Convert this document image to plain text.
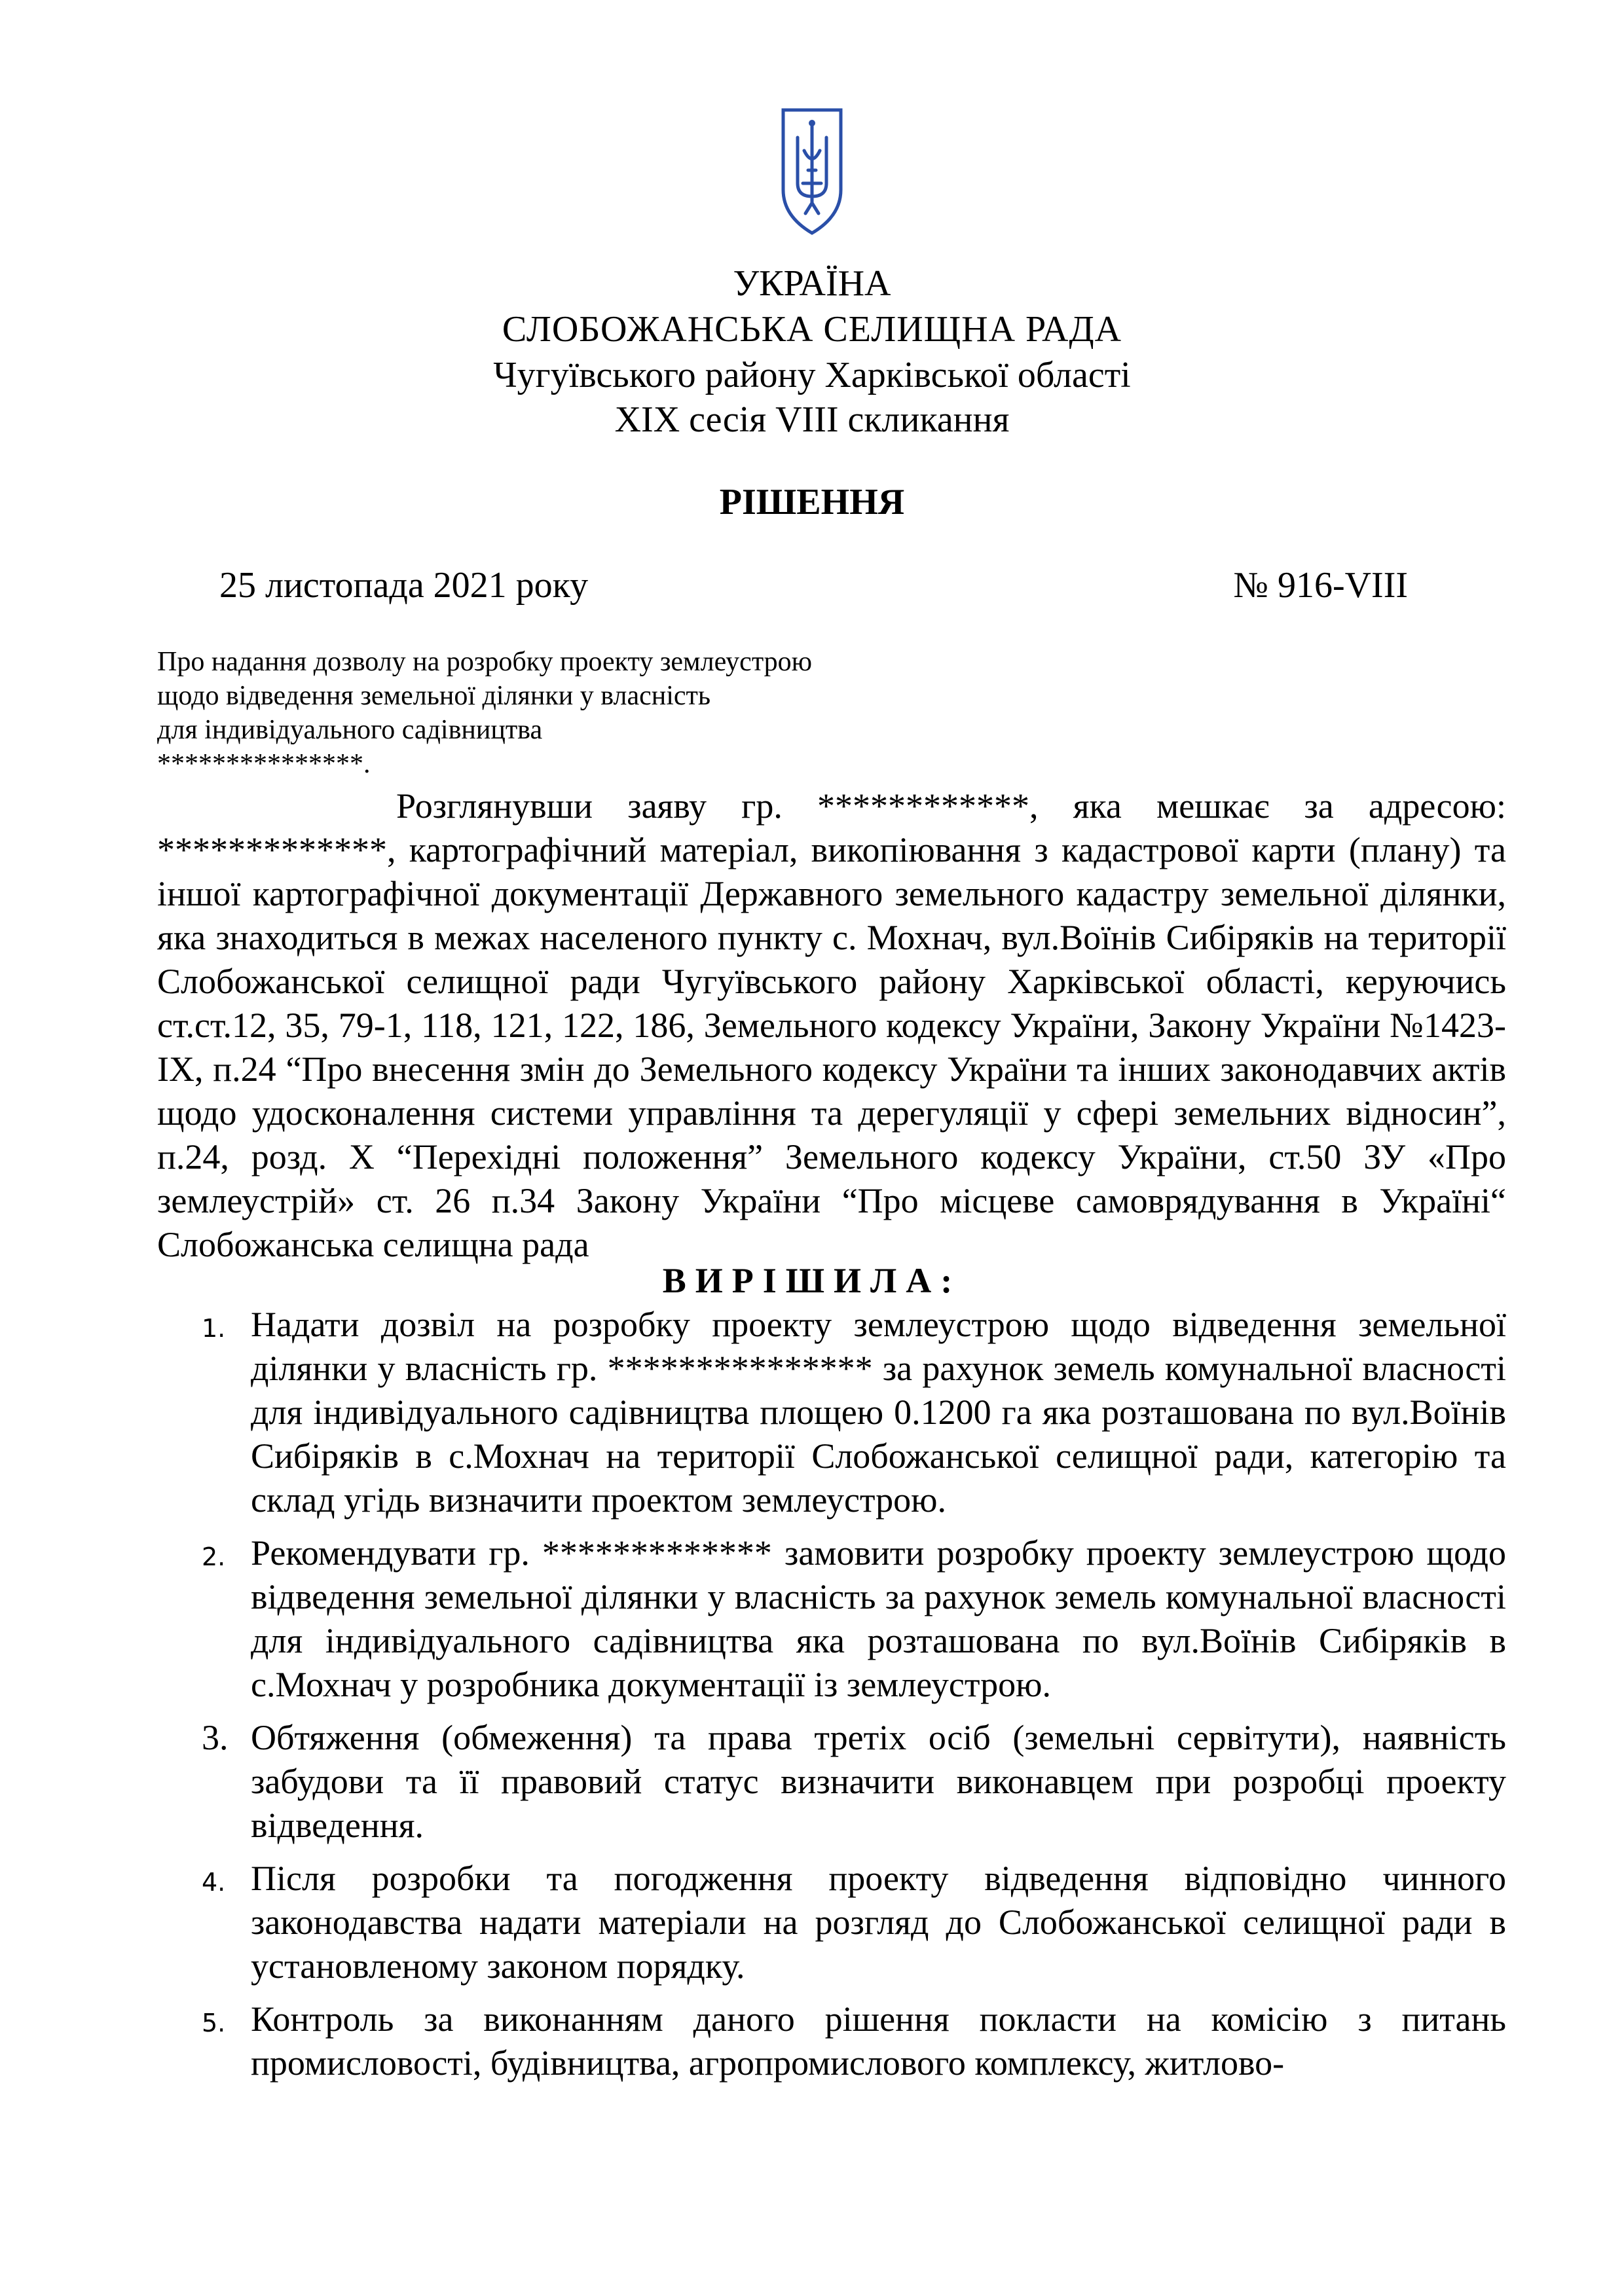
УКРАЇНА
СЛОБОЖАНСЬКА СЕЛИЩНА РАДА
Чугуївського району Харківської області
XIX сесія VIII скликання
РІШЕННЯ
25 листопада 2021 року	№ 916-VIII
Про надання дозволу на розробку проекту землеустрою
щодо відведення земельної ділянки у власність
для індивідуального садівництва
***************.
Розглянувши заяву гр. ************, яка мешкає за адресою: *************, картографічний матеріал, викопіювання з кадастрової карти (плану) та іншої картографічної документації Державного земельного кадастру земельної ділянки, яка знаходиться в межах населеного пункту с. Мохнач, вул.Воїнів Сибіряків на території Слобожанської селищної ради Чугуївського району Харківської області, керуючись ст.ст.12, 35, 79-1, 118, 121, 122, 186, Земельного кодексу України, Закону України №1423-IX, п.24 “Про внесення змін до Земельного кодексу України та інших законодавчих актів щодо удосконалення системи управління та дерегуляції у сфері земельних відносин”, п.24, розд. X “Перехідні положення” Земельного кодексу України, ст.50 ЗУ «Про землеустрій» ст. 26 п.34 Закону України “Про місцеве самоврядування в Україні“ Слобожанська селищна рада
ВИРІШИЛА:
1. Надати дозвіл на розробку проекту землеустрою щодо відведення земельної ділянки у власність гр. *************** за рахунок земель комунальної власності для індивідуального садівництва площею 0.1200 га яка розташована по вул.Воїнів Сибіряків в с.Мохнач на території Слобожанської селищної ради, категорію та склад угідь визначити проектом землеустрою.
2. Рекомендувати гр. ************* замовити розробку проекту землеустрою щодо відведення земельної ділянки у власність за рахунок земель комунальної власності для індивідуального садівництва яка розташована по вул.Воїнів Сибіряків в с.Мохнач у розробника документації із землеустрою.
3. Обтяження (обмеження) та права третіх осіб (земельні сервітути), наявність забудови та її правовий статус визначити виконавцем при розробці проекту відведення.
4. Після розробки та погодження проекту відведення відповідно чинного законодавства надати матеріали на розгляд до Слобожанської селищної ради в установленому законом порядку.
5. Контроль за виконанням даного рішення покласти на комісію з питань промисловості, будівництва, агропромислового комплексу, житлово-
